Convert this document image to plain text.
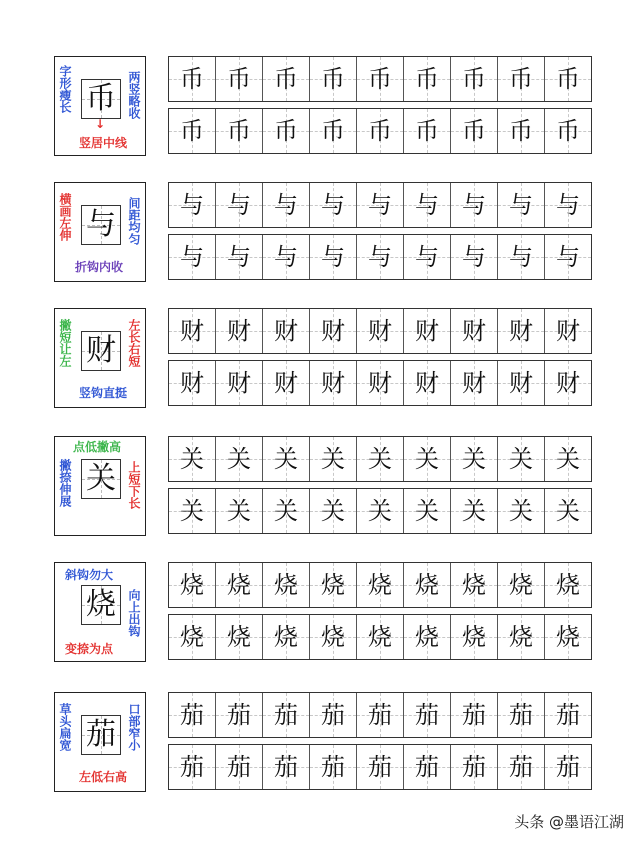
币
字形瘦长	两竖略收
↓
竖居中线
币 币 币 币 币 币 币 币 币
币 币 币 币 币 币 币 币 币
与
横画左伸	间距均匀
折钩内收
与 与 与 与 与 与 与 与 与
与 与 与 与 与 与 与 与 与
财
撇短让左	左长右短
竖钩直挺
财 财 财 财 财 财 财 财 财
财 财 财 财 财 财 财 财 财
关
点低撇高
撇捺伸展	上短下长
关 关 关 关 关 关 关 关 关
关 关 关 关 关 关 关 关 关
烧
斜钩勿大
向上出钩
变捺为点
烧 烧 烧 烧 烧 烧 烧 烧 烧
烧 烧 烧 烧 烧 烧 烧 烧 烧
茄
草头扁宽	口部窄小
左低右高
茄 茄 茄 茄 茄 茄 茄 茄 茄
茄 茄 茄 茄 茄 茄 茄 茄 茄
头条 @墨语江湖
